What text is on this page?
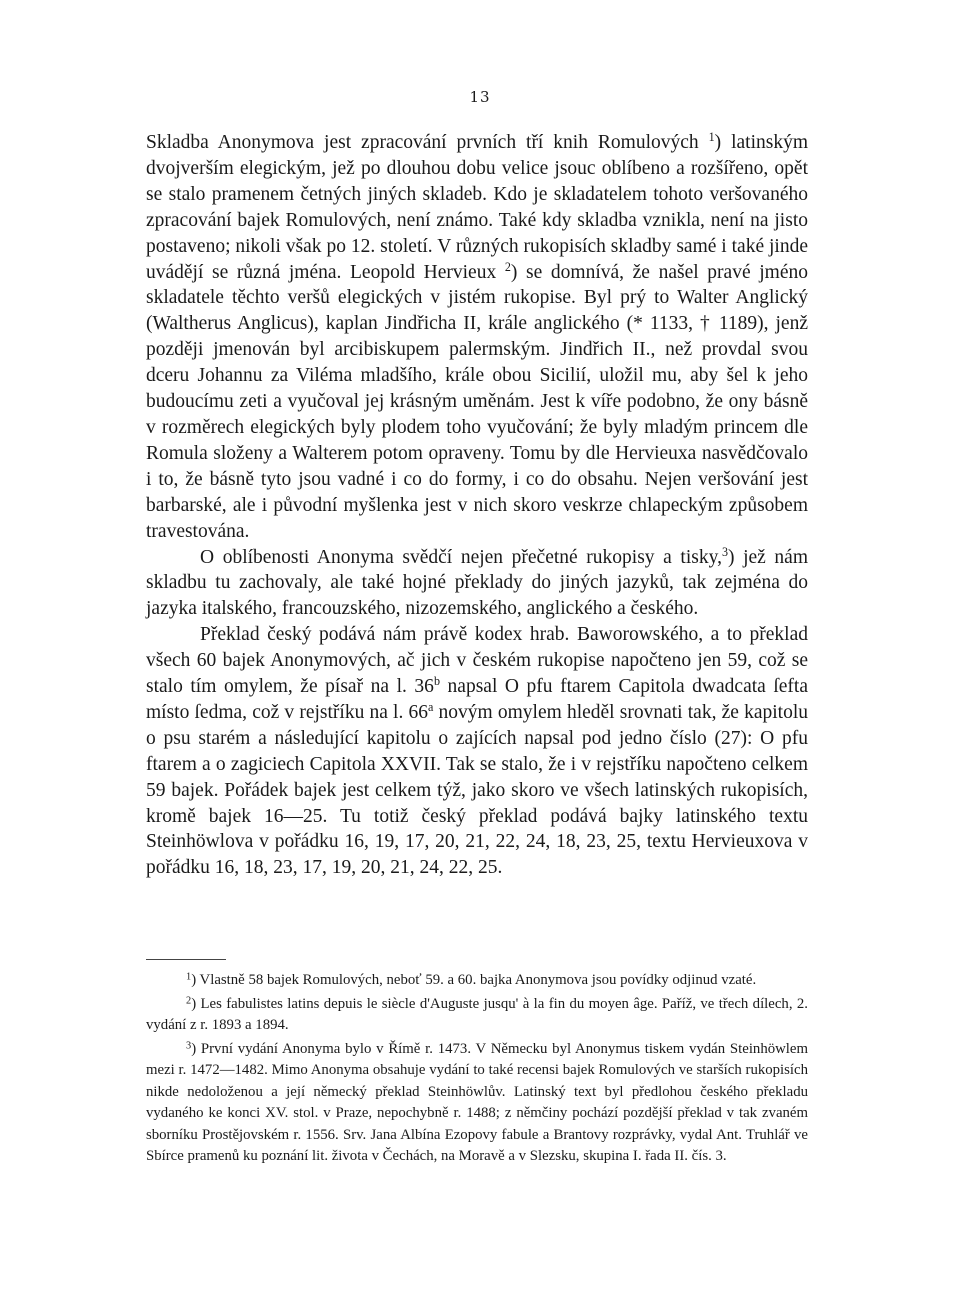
13

Skladba Anonymova jest zpracování prvních tří knih Romulových $^1$) latinským dvojverším elegickým, jež po dlouhou dobu velice jsouc oblíbeno a rozšířeno, opět se stalo pramenem četných jiných skladeb. Kdo je skladatelem tohoto veršovaného zpracování bajek Romulových, není známo. Také kdy skladba vznikla, není na jisto postaveno; nikoli však po 12. století. V různých rukopisích skladby samé i také jinde uvádějí se různá jména. Leopold Hervieux $^2$) se domnívá, že našel pravé jméno skladatele těchto veršů elegických v jistém rukopise. Byl prý to Walter Anglický (Waltherus Anglicus), kaplan Jindřicha II, krále anglického (* 1133, † 1189), jenž později jmenován byl arcibiskupem palermským. Jindřich II., než provdal svou dceru Johannu za Viléma mladšího, krále obou Sicilií, uložil mu, aby šel k jeho budoucímu zeti a vyučoval jej krásným uměnám. Jest k víře podobno, že ony básně v rozměrech elegických byly plodem toho vyučování; že byly mladým princem dle Romula složeny a Walterem potom opraveny. Tomu by dle Hervieuxa nasvědčovalo i to, že básně tyto jsou vadné i co do formy, i co do obsahu. Nejen veršování jest barbarské, ale i původní myšlenka jest v nich skoro veskrze chlapeckým způsobem travestována.

O oblíbenosti Anonyma svědčí nejen přečetné rukopisy a tisky,$^3$) jež nám skladbu tu zachovaly, ale také hojné překlady do jiných jazyků, tak zejména do jazyka italského, francouzského, nizozemského, anglického a českého.

Překlad český podává nám právě kodex hrab. Baworowského, a to překlad všech 60 bajek Anonymových, ač jich v českém rukopise napočteno jen 59, což se stalo tím omylem, že písař na l. 36$^b$ napsal O pfu ftarem Capitola dwadcata ſefta místo ſedma, což v rejstříku na l. 66$^a$ novým omylem hleděl srovnati tak, že kapitolu o psu starém a následující kapitolu o zajících napsal pod jedno číslo (27): O pfu ftarem a o zagiciech Capitola XXVII. Tak se stalo, že i v rejstříku napočteno celkem 59 bajek. Pořádek bajek jest celkem týž, jako skoro ve všech latinských rukopisích, kromě bajek 16—25. Tu totiž český překlad podává bajky latinského textu Steinhöwlova v pořádku 16, 19, 17, 20, 21, 22, 24, 18, 23, 25, textu Hervieuxova v pořádku 16, 18, 23, 17, 19, 20, 21, 24, 22, 25.

$^1$) Vlastně 58 bajek Romulových, neboť 59. a 60. bajka Anonymova jsou povídky odjinud vzaté.

$^2$) Les fabulistes latins depuis le siècle d'Auguste jusqu' à la fin du moyen âge. Paříž, ve třech dílech, 2. vydání z r. 1893 a 1894.

$^3$) První vydání Anonyma bylo v Římě r. 1473. V Německu byl Anonymus tiskem vydán Steinhöwlem mezi r. 1472—1482. Mimo Anonyma obsahuje vydání to také recensi bajek Romulových ve starších rukopisích nikde nedoloženou a její německý překlad Steinhöwlův. Latinský text byl předlohou českého překladu vydaného ke konci XV. stol. v Praze, nepochybně r. 1488; z němčiny pochází pozdější překlad v tak zvaném sborníku Prostějovském r. 1556. Srv. Jana Albína Ezopovy fabule a Brantovy rozprávky, vydal Ant. Truhlář ve Sbírce pramenů ku poznání lit. života v Čechách, na Moravě a v Slezsku, skupina I. řada II. čís. 3.
